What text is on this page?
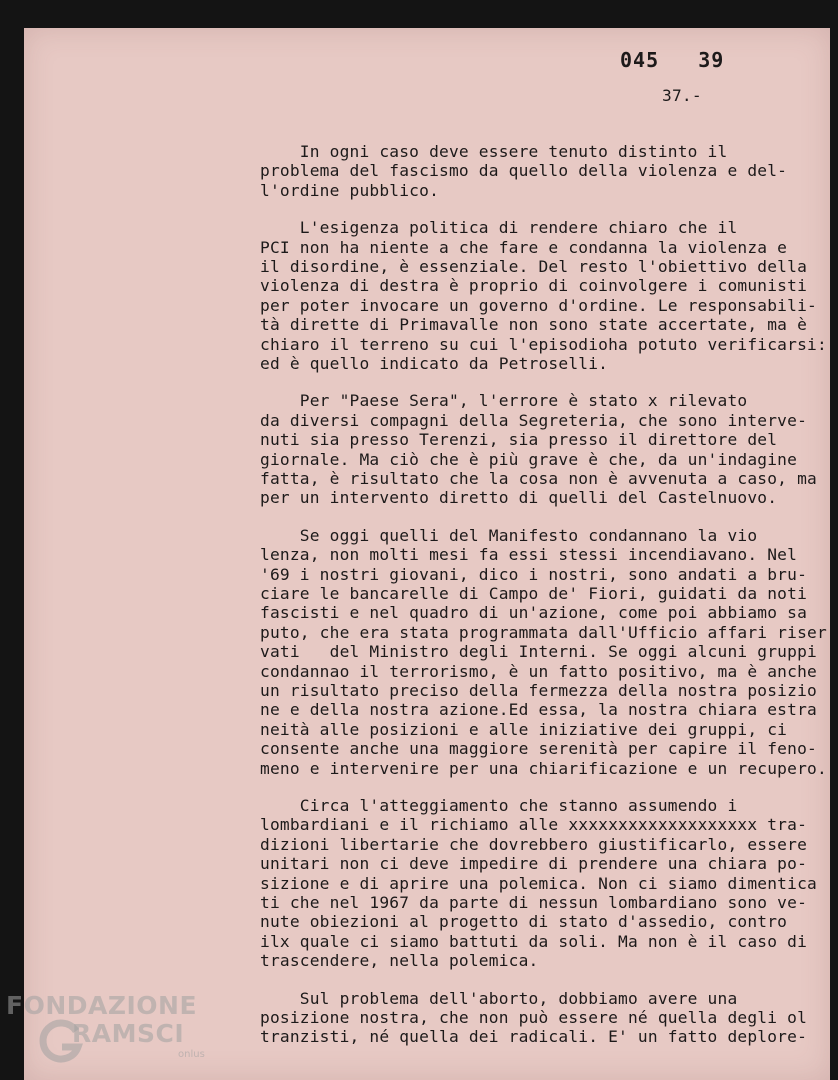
045   39
37.-
In ogni caso deve essere tenuto distinto il
problema del fascismo da quello della violenza e del-
l'ordine pubblico.
L'esigenza politica di rendere chiaro che il
PCI non ha niente a che fare e condanna la violenza e
il disordine, è essenziale. Del resto l'obiettivo della
violenza di destra è proprio di coinvolgere i comunisti
per poter invocare un governo d'ordine. Le responsabili-
tà dirette di Primavalle non sono state accertate, ma è
chiaro il terreno su cui l'episodioha potuto verificarsi:
ed è quello indicato da Petroselli.
Per "Paese Sera", l'errore è stato x rilevato
da diversi compagni della Segreteria, che sono interve-
nuti sia presso Terenzi, sia presso il direttore del
giornale. Ma ciò che è più grave è che, da un'indagine
fatta, è risultato che la cosa non è avvenuta a caso, ma
per un intervento diretto di quelli del Castelnuovo.
Se oggi quelli del Manifesto condannano la vio
lenza, non molti mesi fa essi stessi incendiavano. Nel
'69 i nostri giovani, dico i nostri, sono andati a bru-
ciare le bancarelle di Campo de' Fiori, guidati da noti
fascisti e nel quadro di un'azione, come poi abbiamo sa
puto, che era stata programmata dall'Ufficio affari riser
vati   del Ministro degli Interni. Se oggi alcuni gruppi
condannao il terrorismo, è un fatto positivo, ma è anche
un risultato preciso della fermezza della nostra posizio
ne e della nostra azione.Ed essa, la nostra chiara estra
neità alle posizioni e alle iniziative dei gruppi, ci
consente anche una maggiore serenità per capire il feno-
meno e intervenire per una chiarificazione e un recupero.
Circa l'atteggiamento che stanno assumendo i
lombardiani e il richiamo alle xxxxxxxxxxxxxxxxxxx tra-
dizioni libertarie che dovrebbero giustificarlo, essere
unitari non ci deve impedire di prendere una chiara po-
sizione e di aprire una polemica. Non ci siamo dimentica
ti che nel 1967 da parte di nessun lombardiano sono ve-
nute obiezioni al progetto di stato d'assedio, contro
ilx quale ci siamo battuti da soli. Ma non è il caso di
trascendere, nella polemica.
Sul problema dell'aborto, dobbiamo avere una
posizione nostra, che non può essere né quella degli ol
tranzisti, né quella dei radicali. E' un fatto deplore-
FONDAZIONE
RAMSCI
onlus
